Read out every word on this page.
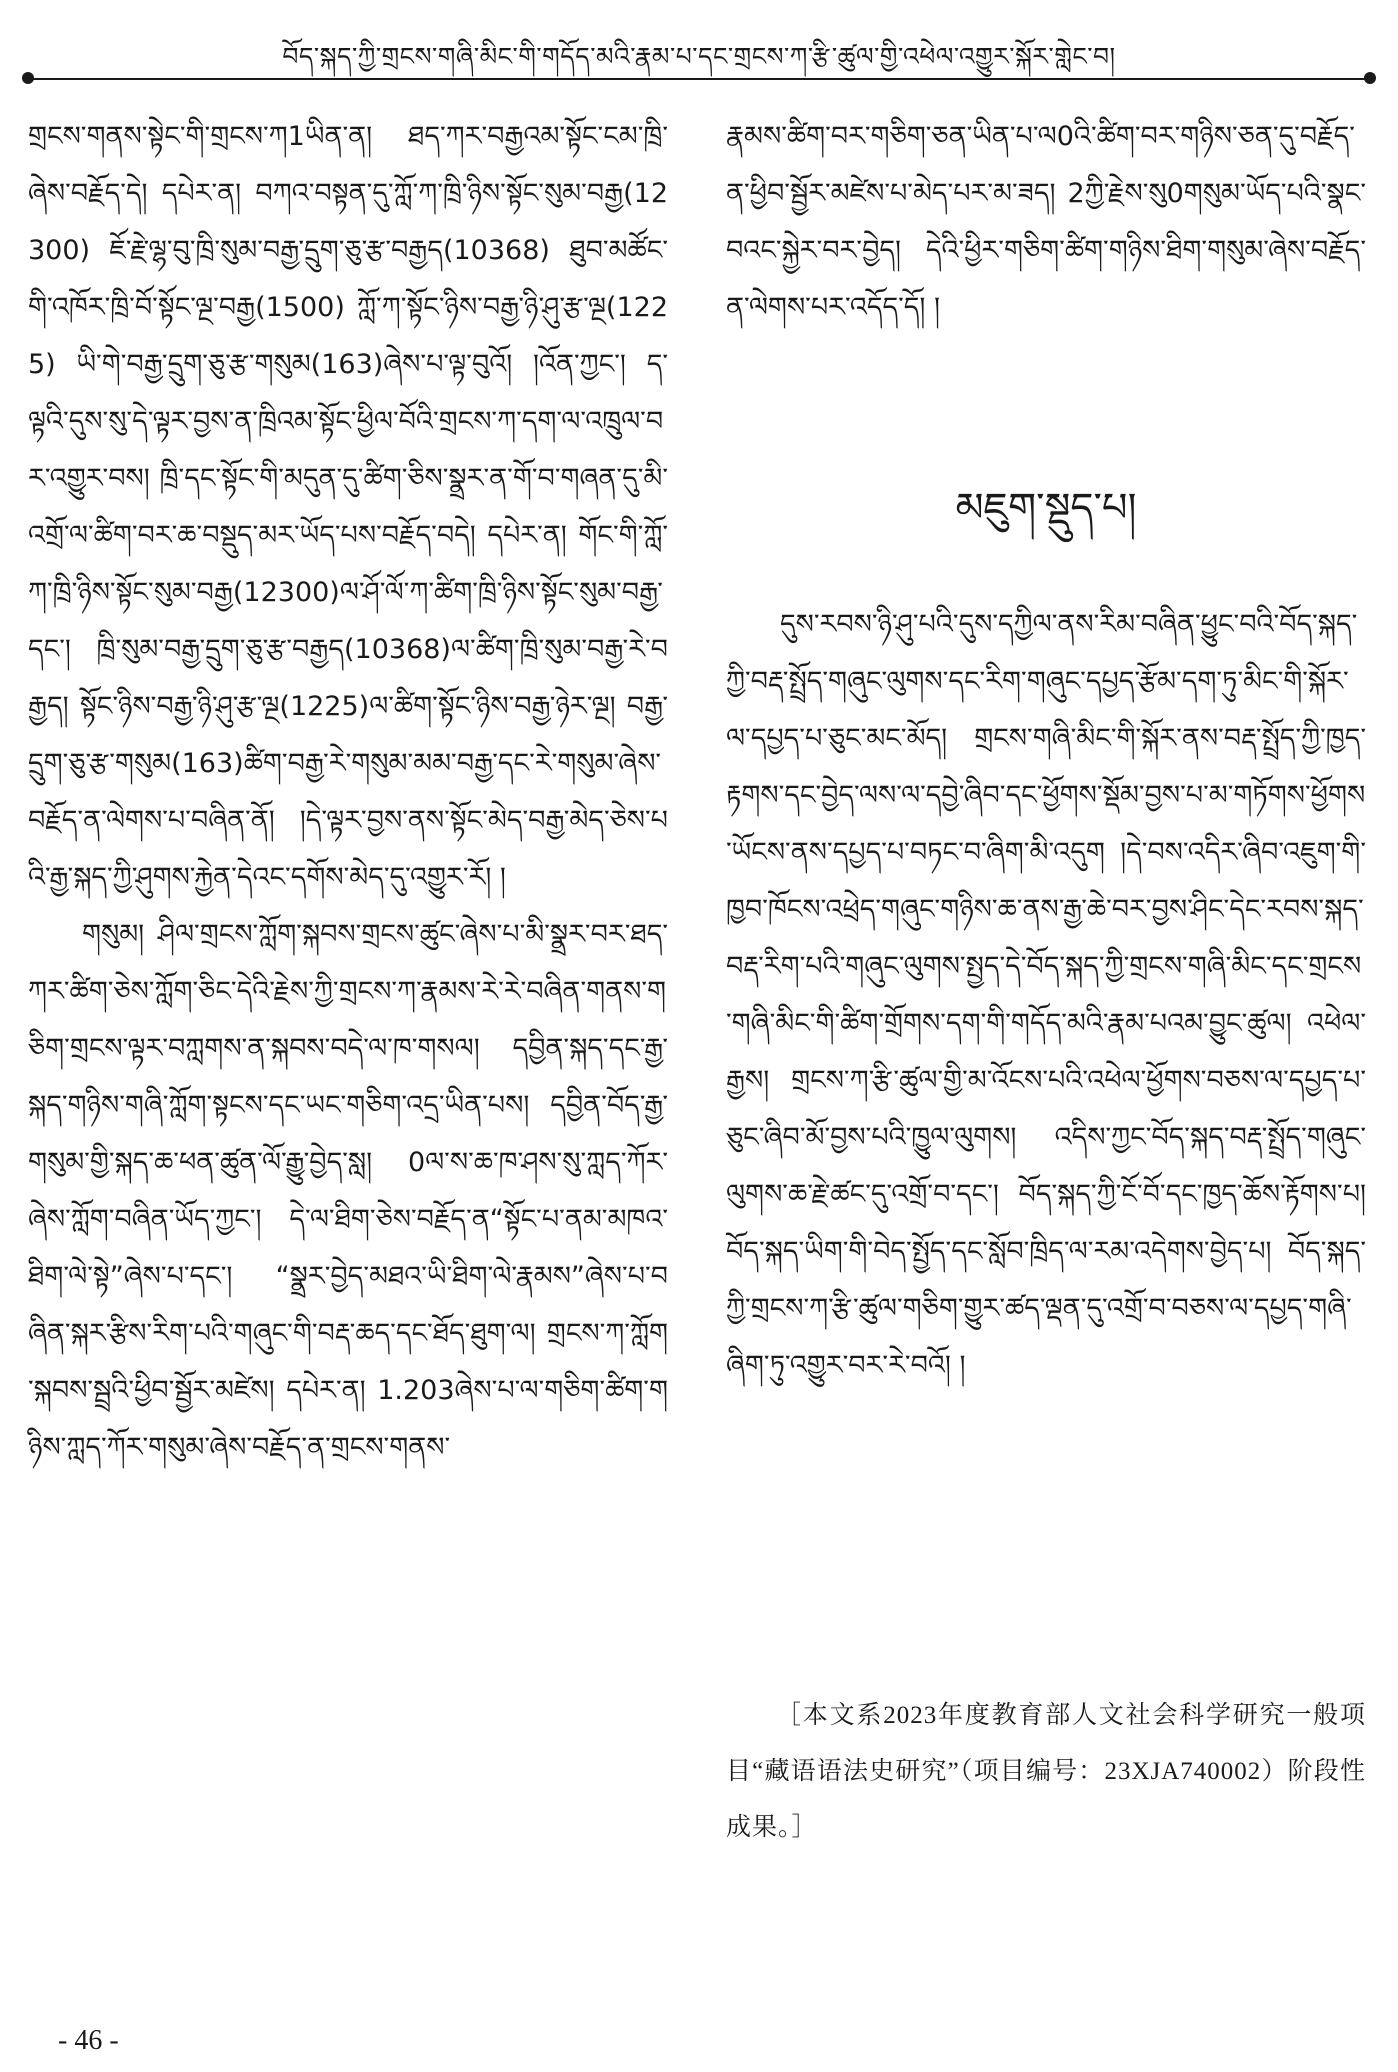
བོད་སྐད་ཀྱི་གྲངས་གཞི་མིང་གི་གདོད་མའི་རྣམ་པ་དང་གྲངས་ཀ་རྩི་ཚུལ་གྱི་འཕེལ་འགྱུར་སྐོར་གླེང་བ།

གྲངས་གནས་སྟེང་གི་གྲངས་ཀ1ཡིན་ན། ཐད་ཀར་བརྒྱའམ་སྟོང་ངམ་ཁྲི་ཞེས་བརྗོད་དེ། དཔེར་ན། བཀའ་བསྟན་དུ་ཀློ་ཀ་ཁྲི་ཉིས་སྟོང་སུམ་བརྒྱ(12300) ཇོ་རྗེ་ལྷ་བུ་ཁྲི་སུམ་བརྒྱ་དྲུག་ཅུ་རྩ་བརྒྱད(10368) ཐུབ་མཚོང་གི་འཁོར་ཁྲི་བོ་སྟོང་ལྔ་བརྒྱ(1500) ཀློ་ཀ་སྟོང་ཉིས་བརྒྱ་ཉི་ཤུ་རྩ་ལྔ(1225) ཡི་གེ་བརྒྱ་དྲུག་ཅུ་རྩ་གསུམ(163)ཞེས་པ་ལྟ་བུའོ། །འོན་ཀྱང་། ད་ལྟའི་དུས་སུ་དེ་ལྟར་བྱས་ན་ཁྲིའམ་སྟོང་ཕྱིལ་བོའི་གྲངས་ཀ་དག་ལ་འཁྲུལ་བར་འགྱུར་བས། ཁྲི་དང་སྟོང་གི་མདུན་དུ་ཚིག་ཅིས་སྣྲར་ན་གོ་བ་གཞན་དུ་མི་འགྲོ་ལ་ཚིག་བར་ཆ་བསྡུད་མར་ཡོད་པས་བརྗོད་བདེ། དཔེར་ན། གོང་གི་ཀློ་ཀ་ཁྲི་ཉིས་སྟོང་སུམ་བརྒྱ(12300)ལ་ཤོ་ལོ་ཀ་ཚིག་ཁྲི་ཉིས་སྟོང་སུམ་བརྒྱ་དང་། ཁྲི་སུམ་བརྒྱ་དྲུག་ཅུ་རྩ་བརྒྱད(10368)ལ་ཚིག་ཁྲི་སུམ་བརྒྱ་རེ་བརྒྱད། སྟོང་ཉིས་བརྒྱ་ཉི་ཤུ་རྩ་ལྔ(1225)ལ་ཚིག་སྟོང་ཉིས་བརྒྱ་ཉེར་ལྔ། བརྒྱ་དྲུག་ཅུ་རྩ་གསུམ(163)ཚིག་བརྒྱ་རེ་གསུམ་མམ་བརྒྱ་དང་རེ་གསུམ་ཞེས་བརྗོད་ན་ལེགས་པ་བཞིན་ནོ། །དེ་ལྟར་བྱས་ནས་སྟོང་མེད་བརྒྱ་མེད་ཅེས་པའི་རྒྱ་སྐད་ཀྱི་ཤུགས་རྐྱེན་དེའང་དགོས་མེད་དུ་འགྱུར་རོ། །

གསུམ། ཤིལ་གྲངས་ཀློག་སྐབས་གྲངས་ཚུང་ཞེས་པ་མི་སྣྲར་བར་ཐད་ཀར་ཚིག་ཅེས་ཀློག་ཅིང་དེའི་རྗེས་ཀྱི་གྲངས་ཀ་རྣམས་རེ་རེ་བཞིན་གནས་གཅིག་གྲངས་ལྟར་བཀླགས་ན་སྐབས་བདེ་ལ་ཁ་གསལ། དབྱིན་སྐད་དང་རྒྱ་སྐད་གཉིས་གཞི་ཀློག་སྟངས་དང་ཡང་གཅིག་འདྲ་ཡིན་པས། དབྱིན་བོད་རྒྱ་གསུམ་གྱི་སྐད་ཆ་ཕན་ཚུན་ལོ་རྒྱུ་བྱེད་སླ། 0ལ་ས་ཆ་ཁ་ཤས་སུ་ཀླད་ཀོར་ཞེས་ཀློག་བཞིན་ཡོད་ཀྱང་། དེ་ལ་ཐིག་ཅེས་བརྗོད་ན“སྟོང་པ་ནམ་མཁའ་ཐིག་ལེ་སྟེ”ཞེས་པ་དང་། “སྣྲར་བྱེད་མཐའ་ཡི་ཐིག་ལེ་རྣམས”ཞེས་པ་བཞིན་སྐར་རྩིས་རིག་པའི་གཞུང་གི་བརྡ་ཆད་དང་ཐོད་ཐུག་ལ། གྲངས་ཀ་ཀློག་སྐབས་སྦྲའི་ཕྱིབ་སྦྱོར་མཛེས། དཔེར་ན། 1.203ཞེས་པ་ལ་གཅིག་ཚིག་གཉིས་ཀླད་ཀོར་གསུམ་ཞེས་བརྗོད་ན་གྲངས་གནས་

རྣམས་ཚིག་བར་གཅིག་ཅན་ཡིན་པ་ལ0འི་ཚིག་བར་གཉིས་ཅན་དུ་བརྗོད་ན་ཕྱིབ་སྦྱོར་མཛེས་པ་མེད་པར་མ་ཟད། 2ཀྱི་རྗེས་སུ0གསུམ་ཡོད་པའི་སྣང་བའང་སྐྱེར་བར་བྱེད། དེའི་ཕྱིར་གཅིག་ཚིག་གཉིས་ཐིག་གསུམ་ཞེས་བརྗོད་ན་ལེགས་པར་འདོད་དོ། །

མཇུག་སྡུད་པ།

དུས་རབས་ཉི་ཤུ་པའི་དུས་དཀྱིལ་ནས་རིམ་བཞིན་ཕྱུང་བའི་བོད་སྐད་ཀྱི་བརྡ་སྤྲོད་གཞུང་ལུགས་དང་རིག་གཞུང་དཔྱད་རྩོམ་དག་ཏུ་མིང་གི་སྐོར་ལ་དཔྱད་པ་ཅུང་མང་མོད། གྲངས་གཞི་མིང་གི་སྐོར་ནས་བརྡ་སྤྲོད་ཀྱི་ཁྱད་རྟགས་དང་བྱེད་ལས་ལ་དབྱེ་ཞིབ་དང་ཕྱོགས་སྡོམ་བྱས་པ་མ་གཏོགས་ཕྱོགས་ཡོངས་ནས་དཔྱད་པ་བཏང་བ་ཞིག་མི་འདུག །དེ་བས་འདིར་ཞིབ་འཇུག་གི་ཁྱབ་ཁོངས་འཕྲེད་གཞུང་གཉིས་ཆ་ནས་རྒྱ་ཆེ་བར་བྱས་ཤིང་དེང་རབས་སྐད་བརྡ་རིག་པའི་གཞུང་ལུགས་སྤྱད་དེ་བོད་སྐད་ཀྱི་གྲངས་གཞི་མིང་དང་གྲངས་གཞི་མིང་གི་ཚིག་གྲོགས་དག་གི་གདོད་མའི་རྣམ་པའམ་བྱུང་ཚུལ། འཕེལ་རྒྱས། གྲངས་ཀ་རྩི་ཚུལ་གྱི་མ་འོངས་པའི་འཕེལ་ཕྱོགས་བཅས་ལ་དཔྱད་པ་ཅུང་ཞིབ་མོ་བྱས་པའི་ཁྱུལ་ལུགས། འདིས་ཀྱང་བོད་སྐད་བརྡ་སྤྲོད་གཞུང་ལུགས་ཆ་རྗེ་ཚང་དུ་འགྲོ་བ་དང་། བོད་སྐད་ཀྱི་ངོ་བོ་དང་ཁྱད་ཆོས་རྟོགས་པ། བོད་སྐད་ཡིག་གི་བེད་སྤྱོད་དང་སློབ་ཁྲིད་ལ་རམ་འདེགས་བྱེད་པ། བོད་སྐད་ཀྱི་གྲངས་ཀ་རྩི་ཚུལ་གཅིག་གྱུར་ཚད་ལྡན་དུ་འགྲོ་བ་བཅས་ལ་དཔྱད་གཞི་ཞིག་ཏུ་འགྱུར་བར་རེ་བའོ། །

［本文系2023年度教育部人文社会科学研究一般项目“藏语语法史研究”（项目编号：23XJA740002）阶段性成果。］
- 46 -
